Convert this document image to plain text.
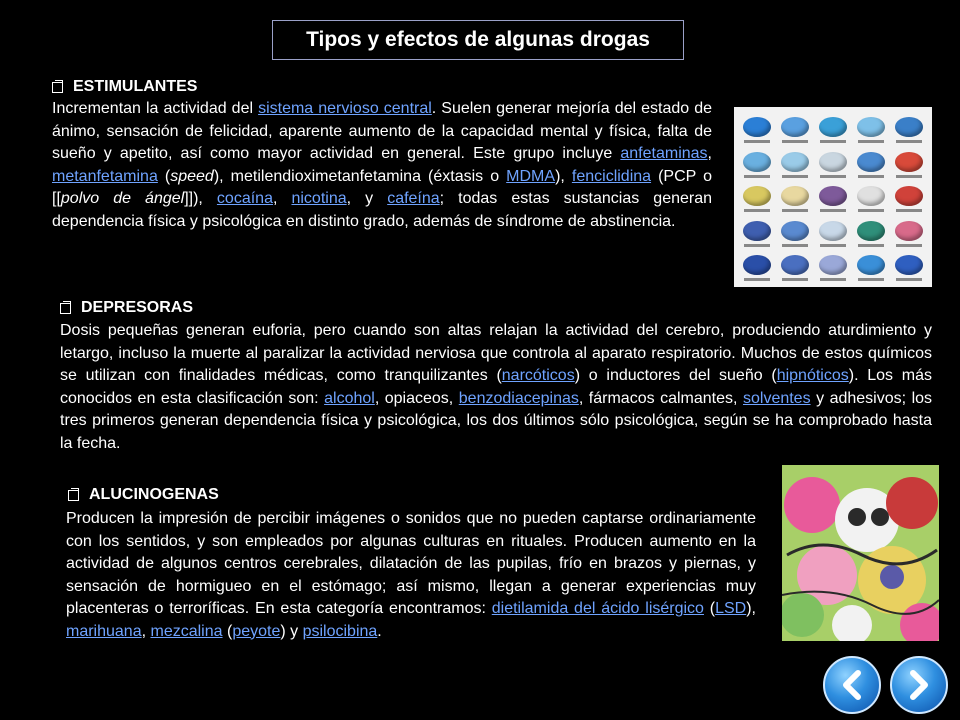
Tipos y efectos de algunas drogas
ESTIMULANTES
Incrementan la actividad del sistema nervioso central. Suelen generar mejoría del estado de ánimo, sensación de felicidad, aparente aumento de la capacidad mental y física, falta de sueño y apetito, así como mayor actividad en general. Este grupo incluye anfetaminas, metanfetamina (speed), metilendioximetanfetamina (éxtasis o MDMA), fenciclidina (PCP o [[polvo de ángel]]), cocaína, nicotina, y cafeína; todas estas sustancias generan dependencia física y psicológica en distinto grado, además de síndrome de abstinencia.
DEPRESORAS
Dosis pequeñas generan euforia, pero cuando son altas relajan la actividad del cerebro, produciendo aturdimiento y letargo, incluso la muerte al paralizar la actividad nerviosa que controla al aparato respiratorio. Muchos de estos químicos se utilizan con finalidades médicas, como tranquilizantes (narcóticos) o inductores del sueño (hipnóticos). Los más conocidos en esta clasificación son: alcohol, opiaceos, benzodiacepinas, fármacos calmantes, solventes y adhesivos; los tres primeros generan dependencia física y psicológica, los dos últimos sólo psicológica, según se ha comprobado hasta la fecha.
ALUCINOGENAS
Producen la impresión de percibir imágenes o sonidos que no pueden captarse ordinariamente con los sentidos, y son empleados por algunas culturas en rituales. Producen aumento en la actividad de algunos centros cerebrales, dilatación de las pupilas, frío en brazos y piernas, y sensación de hormigueo en el estómago; así mismo, llegan a generar experiencias muy placenteras o terroríficas. En esta categoría encontramos: dietilamida del ácido lisérgico (LSD), marihuana, mezcalina (peyote) y psilocibina.
